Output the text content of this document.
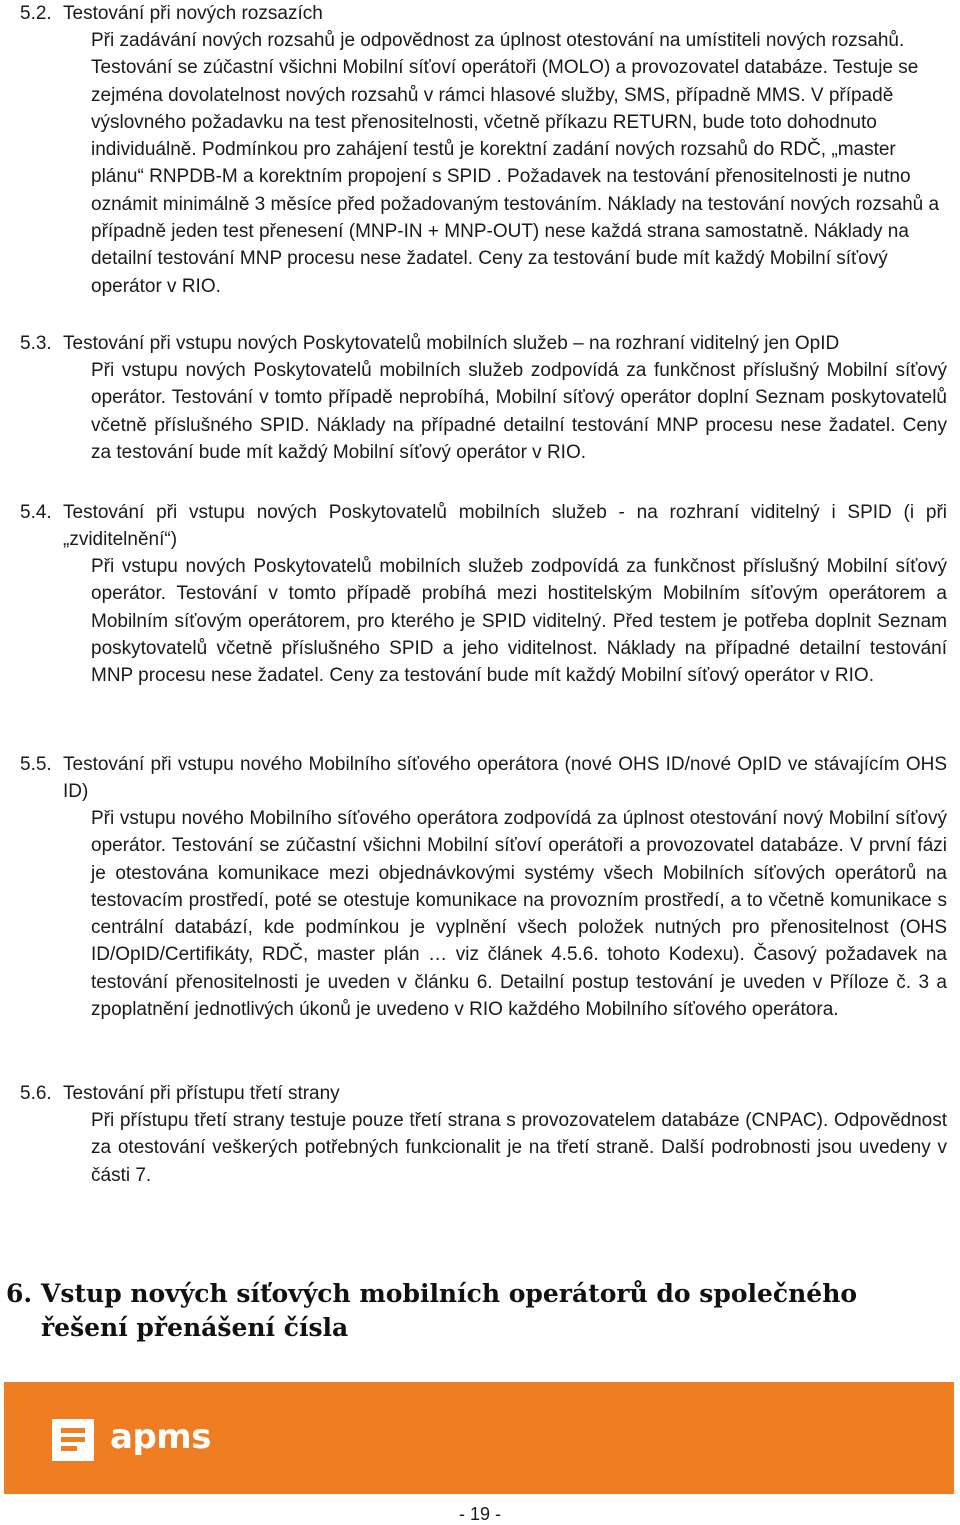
5.2. Testování při nových rozsazích
Při zadávání nových rozsahů je odpovědnost za úplnost otestování na umístiteli nových rozsahů. Testování se zúčastní všichni Mobilní síťoví operátoři (MOLO) a provozovatel databáze. Testuje se zejména dovolatelnost nových rozsahů v rámci hlasové služby, SMS, případně MMS. V případě výslovného požadavku na test přenositelnosti, včetně příkazu RETURN, bude toto dohodnuto individuálně. Podmínkou pro zahájení testů je korektní zadání nových rozsahů do RDČ, „master plánu“ RNPDB-M a korektním propojení s SPID . Požadavek na testování přenositelnosti je nutno oznámit minimálně 3 měsíce před požadovaným testováním. Náklady na testování nových rozsahů a případně jeden test přenesení (MNP-IN + MNP-OUT) nese každá strana samostatně. Náklady na detailní testování MNP procesu nese žadatel. Ceny za testování bude mít každý Mobilní síťový operátor v RIO.
5.3. Testování při vstupu nových Poskytovatelů mobilních služeb – na rozhraní viditelný jen OpID
Při vstupu nových Poskytovatelů mobilních služeb zodpovídá za funkčnost příslušný Mobilní síťový operátor. Testování v tomto případě neprobíhá, Mobilní síťový operátor doplní Seznam poskytovatelů včetně příslušného SPID. Náklady na případné detailní testování MNP procesu nese žadatel. Ceny za testování bude mít každý Mobilní síťový operátor v RIO.
5.4. Testování při vstupu nových Poskytovatelů mobilních služeb - na rozhraní viditelný i SPID (i při „zviditelnění“)
Při vstupu nových Poskytovatelů mobilních služeb zodpovídá za funkčnost příslušný Mobilní síťový operátor. Testování v tomto případě probíhá mezi hostitelským Mobilním síťovým operátorem a Mobilním síťovým operátorem, pro kterého je SPID viditelný. Před testem je potřeba doplnit Seznam poskytovatelů včetně příslušného SPID a jeho viditelnost. Náklady na případné detailní testování MNP procesu nese žadatel. Ceny za testování bude mít každý Mobilní síťový operátor v RIO.
5.5. Testování při vstupu nového Mobilního síťového operátora (nové OHS ID/nové OpID ve stávajícím OHS ID)
Při vstupu nového Mobilního síťového operátora zodpovídá za úplnost otestování nový Mobilní síťový operátor. Testování se zúčastní všichni Mobilní síťoví operátoři a provozovatel databáze. V první fázi je otestována komunikace mezi objednávkovými systémy všech Mobilních síťových operátorů na testovacím prostředí, poté se otestuje komunikace na provozním prostředí, a to včetně komunikace s centrální databází, kde podmínkou je vyplnění všech položek nutných pro přenositelnost (OHS ID/OpID/Certifikáty, RDČ, master plán … viz článek 4.5.6. tohoto Kodexu). Časový požadavek na testování přenositelnosti je uveden v článku 6. Detailní postup testování je uveden v Příloze č. 3 a zpoplatnění jednotlivých úkonů je uvedeno v RIO každého Mobilního síťového operátora.
5.6. Testování při přístupu třetí strany
Při přístupu třetí strany testuje pouze třetí strana s provozovatelem databáze (CNPAC). Odpovědnost za otestování veškerých potřebných funkcionalit je na třetí straně. Další podrobnosti jsou uvedeny v části 7.
6. Vstup nových síťových mobilních operátorů do společného řešení přenášení čísla
apms
- 19 -
